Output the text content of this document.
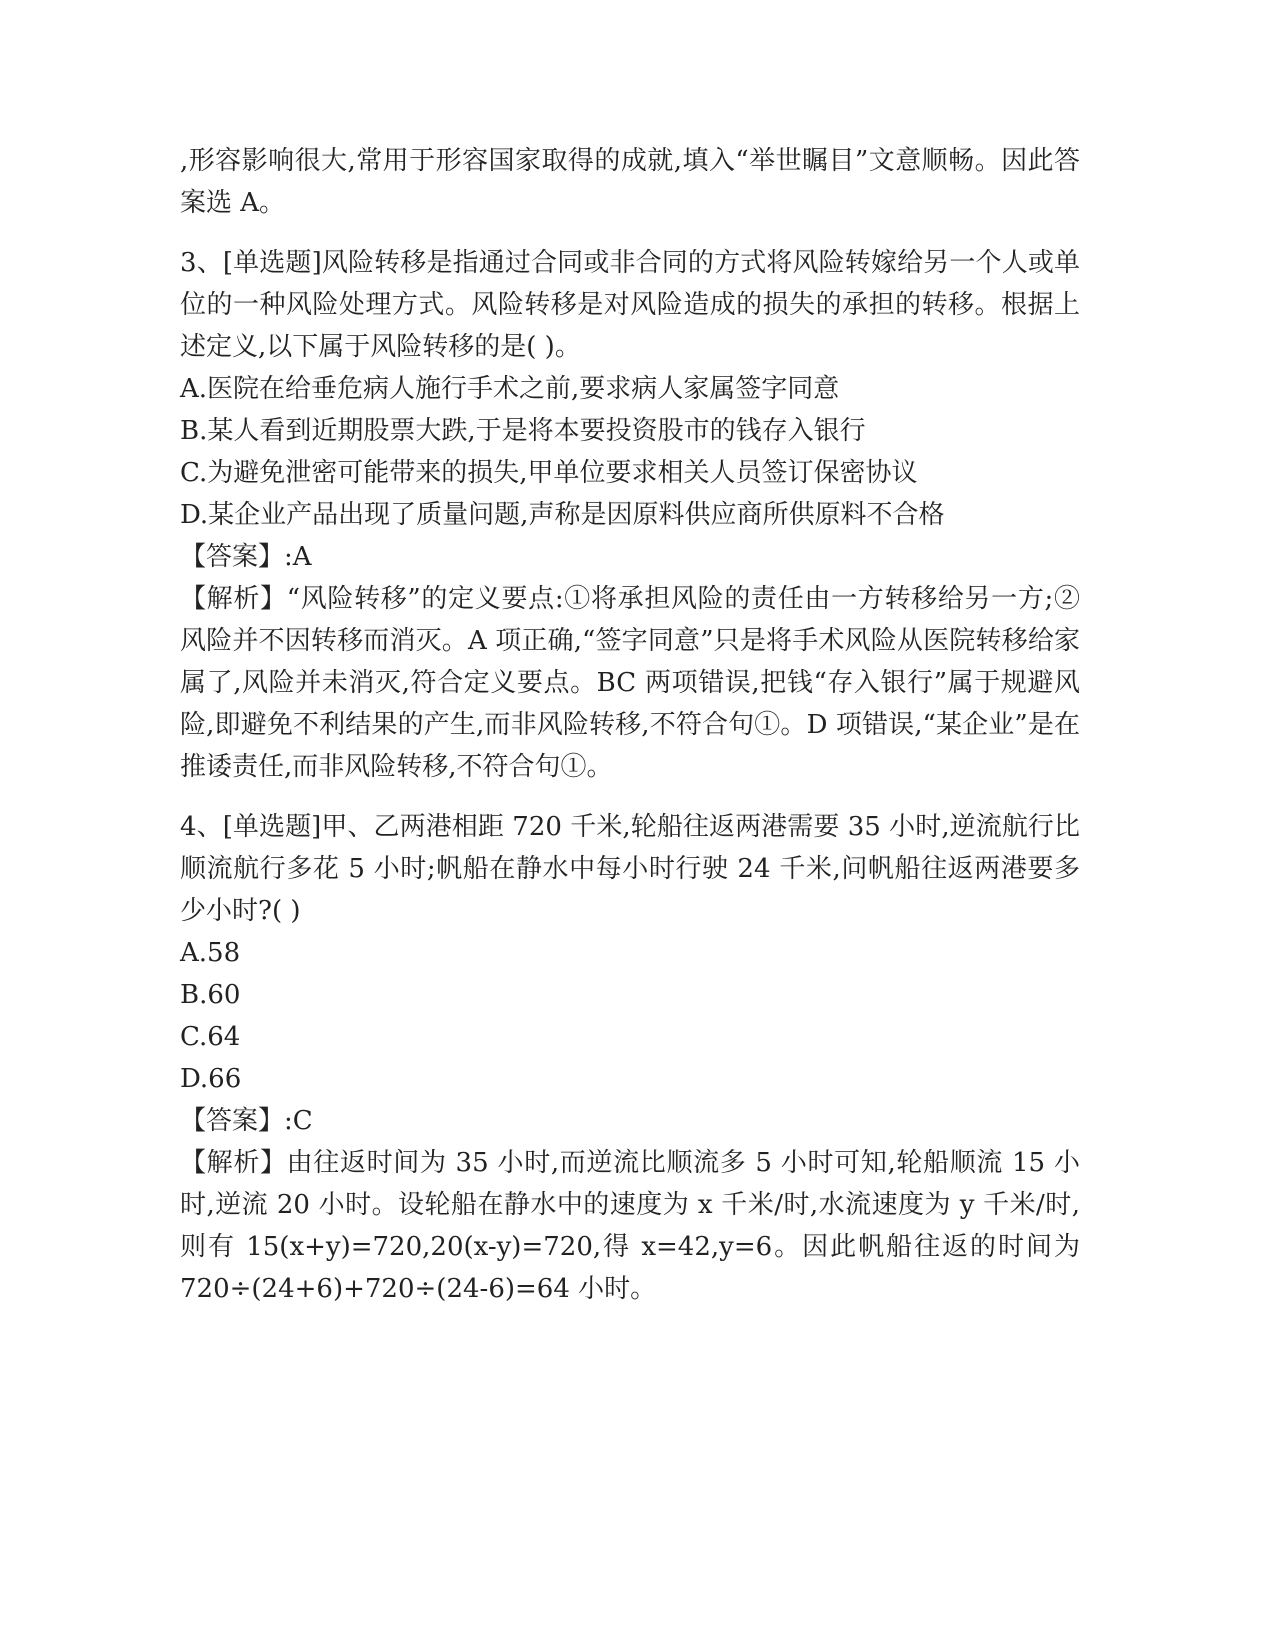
,形容影响很大,常用于形容国家取得的成就,填入“举世瞩目”文意顺畅。因此答案选 A。

3、[单选题]风险转移是指通过合同或非合同的方式将风险转嫁给另一个人或单位的一种风险处理方式。风险转移是对风险造成的损失的承担的转移。根据上述定义,以下属于风险转移的是( )。

A.医院在给垂危病人施行手术之前,要求病人家属签字同意

B.某人看到近期股票大跌,于是将本要投资股市的钱存入银行

C.为避免泄密可能带来的损失,甲单位要求相关人员签订保密协议

D.某企业产品出现了质量问题,声称是因原料供应商所供原料不合格

【答案】:A

【解析】“风险转移”的定义要点:①将承担风险的责任由一方转移给另一方;②风险并不因转移而消灭。A 项正确,“签字同意”只是将手术风险从医院转移给家属了,风险并未消灭,符合定义要点。BC 两项错误,把钱“存入银行”属于规避风险,即避免不利结果的产生,而非风险转移,不符合句①。D 项错误,“某企业”是在推诿责任,而非风险转移,不符合句①。

4、[单选题]甲、乙两港相距 720 千米,轮船往返两港需要 35 小时,逆流航行比顺流航行多花 5 小时;帆船在静水中每小时行驶 24 千米,问帆船往返两港要多少小时?( )

A.58

B.60

C.64

D.66

【答案】:C

【解析】由往返时间为 35 小时,而逆流比顺流多 5 小时可知,轮船顺流 15 小时,逆流 20 小时。设轮船在静水中的速度为 x 千米/时,水流速度为 y 千米/时,则有 15(x+y)=720,20(x-y)=720,得 x=42,y=6。因此帆船往返的时间为 720÷(24+6)+720÷(24-6)=64 小时。
